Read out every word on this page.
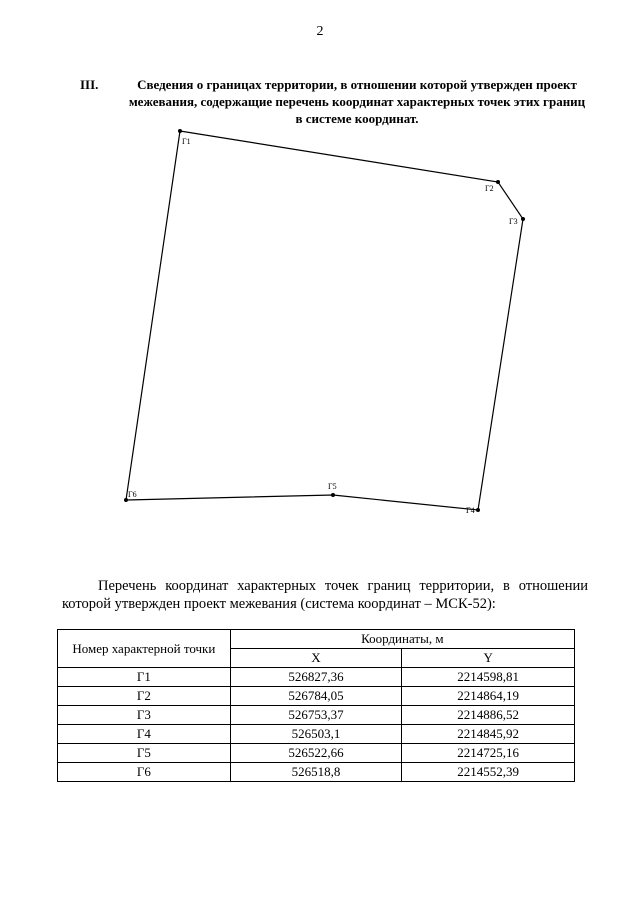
2
III.	Сведения о границах территории, в отношении которой утвержден проект межевания, содержащие перечень координат характерных точек этих границ в системе координат.
Г1
Г2
Г3
Г4
Г5
Г6
Перечень координат характерных точек границ территории, в отношении которой утвержден проект межевания (система координат – МСК-52):
Номер характерной точки	Координаты, м	
	X	Y
Г1	526827,36	2214598,81
Г2	526784,05	2214864,19
Г3	526753,37	2214886,52
Г4	526503,1	2214845,92
Г5	526522,66	2214725,16
Г6	526518,8	2214552,39
